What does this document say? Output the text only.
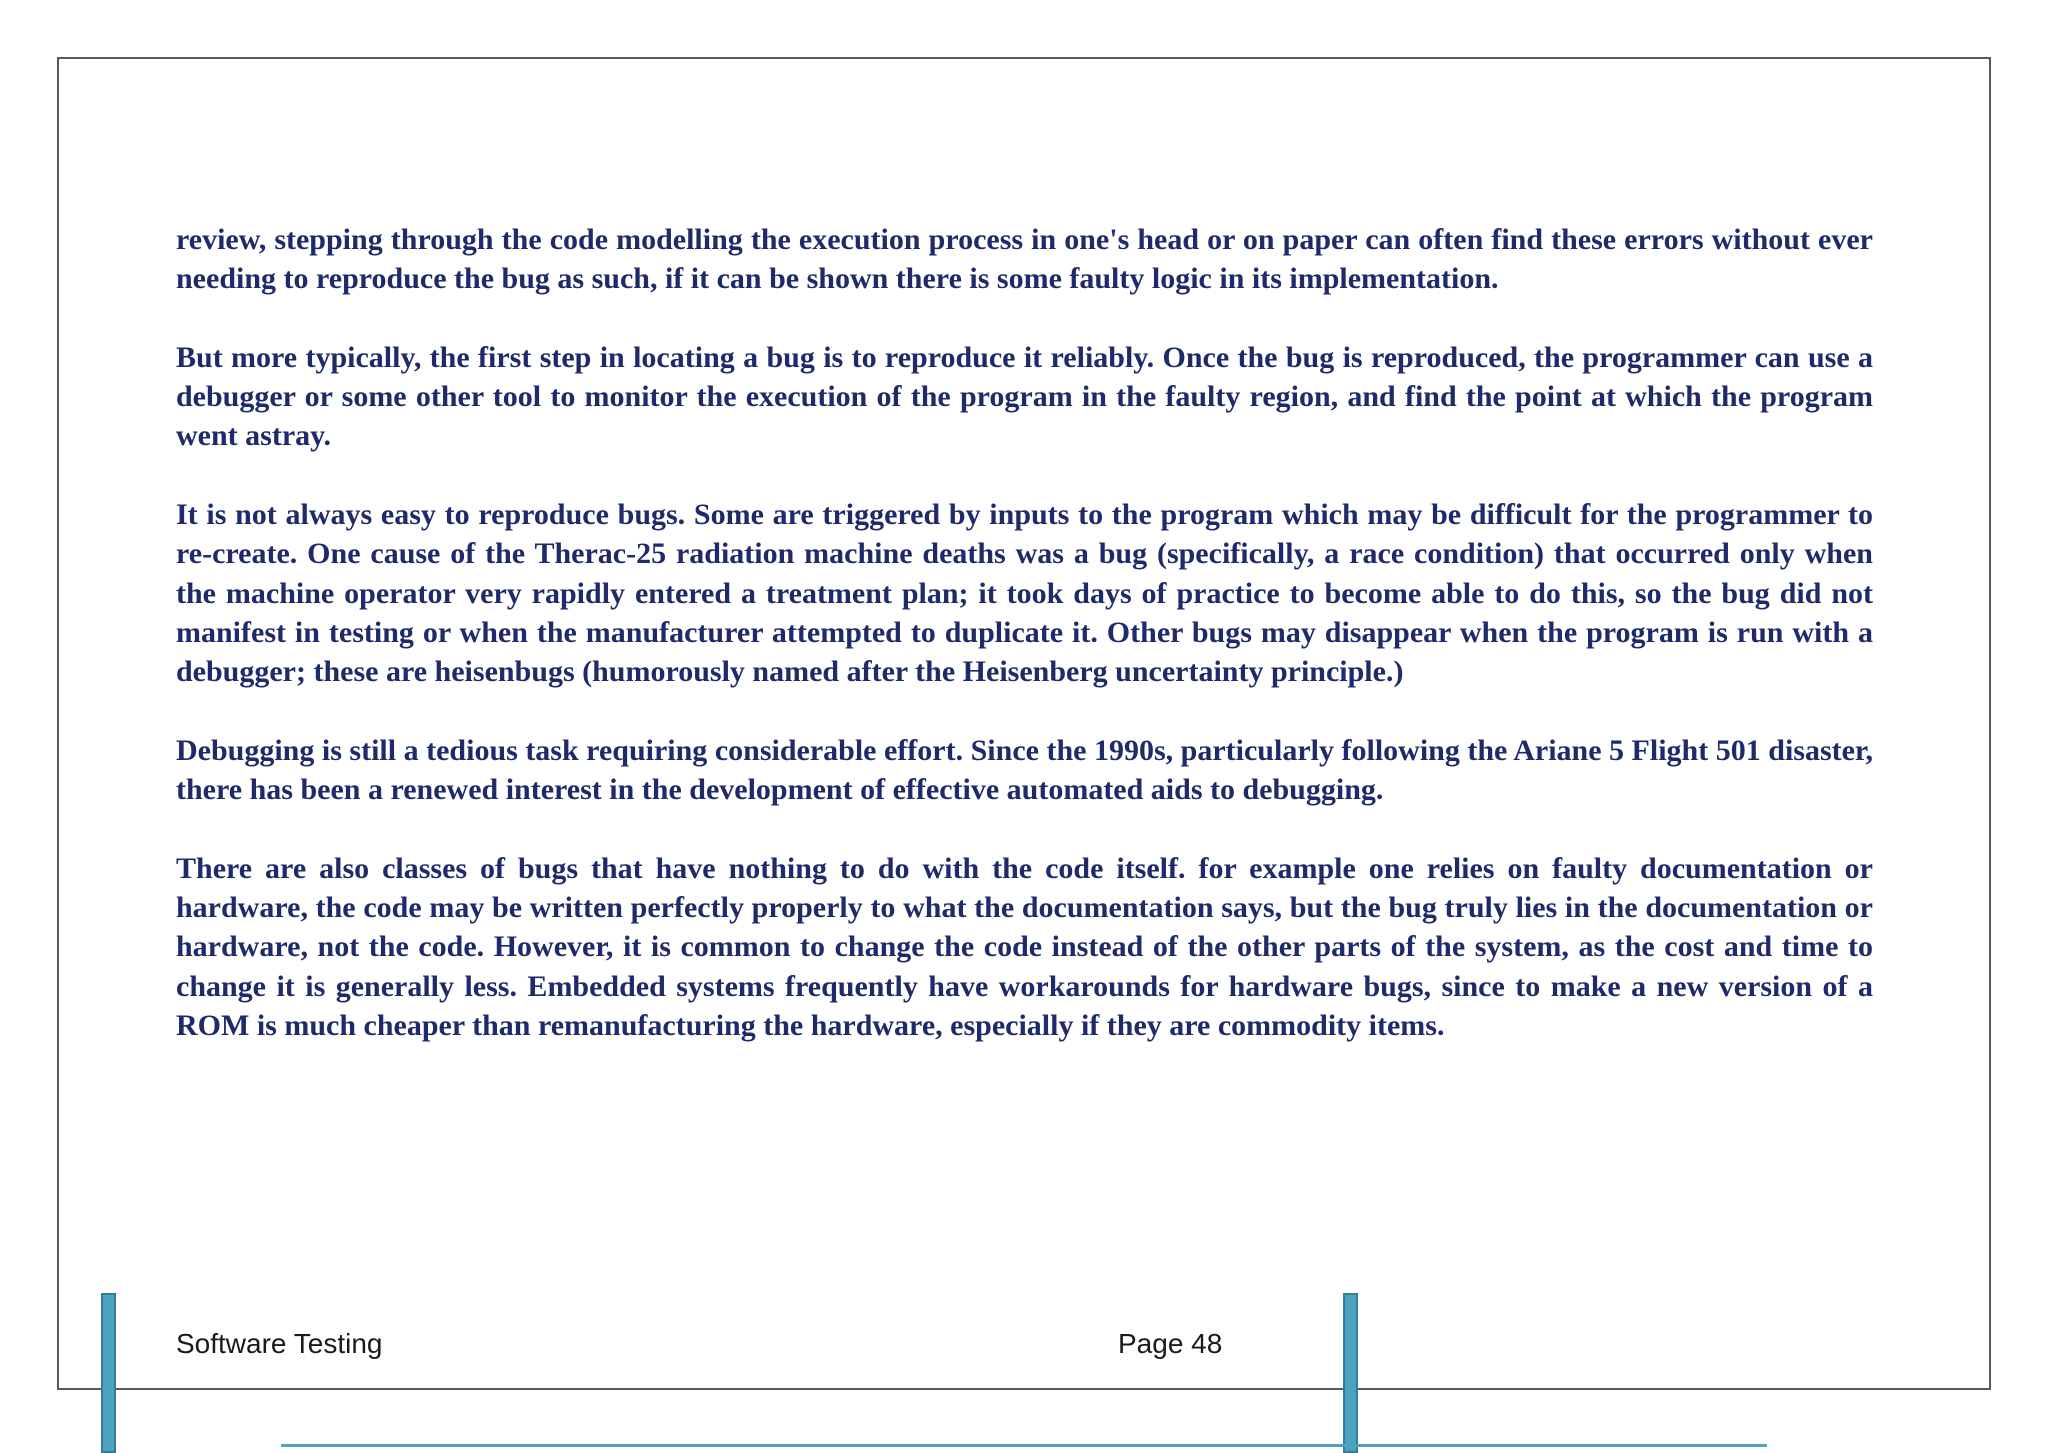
review, stepping through the code modelling the execution process in one's head or on paper can often find these errors without ever needing to reproduce the bug as such, if it can be shown there is some faulty logic in its implementation.

But more typically, the first step in locating a bug is to reproduce it reliably. Once the bug is reproduced, the programmer can use a debugger or some other tool to monitor the execution of the program in the faulty region, and find the point at which the program went astray.

It is not always easy to reproduce bugs. Some are triggered by inputs to the program which may be difficult for the programmer to re-create. One cause of the Therac-25 radiation machine deaths was a bug (specifically, a race condition) that occurred only when the machine operator very rapidly entered a treatment plan; it took days of practice to become able to do this, so the bug did not manifest in testing or when the manufacturer attempted to duplicate it. Other bugs may disappear when the program is run with a debugger; these are heisenbugs (humorously named after the Heisenberg uncertainty principle.)

Debugging is still a tedious task requiring considerable effort. Since the 1990s, particularly following the Ariane 5 Flight 501 disaster, there has been a renewed interest in the development of effective automated aids to debugging.

There are also classes of bugs that have nothing to do with the code itself. for example one relies on faulty documentation or hardware, the code may be written perfectly properly to what the documentation says, but the bug truly lies in the documentation or hardware, not the code. However, it is common to change the code instead of the other parts of the system, as the cost and time to change it is generally less. Embedded systems frequently have workarounds for hardware bugs, since to make a new version of a ROM is much cheaper than remanufacturing the hardware, especially if they are commodity items.

Software Testing	Page 48
